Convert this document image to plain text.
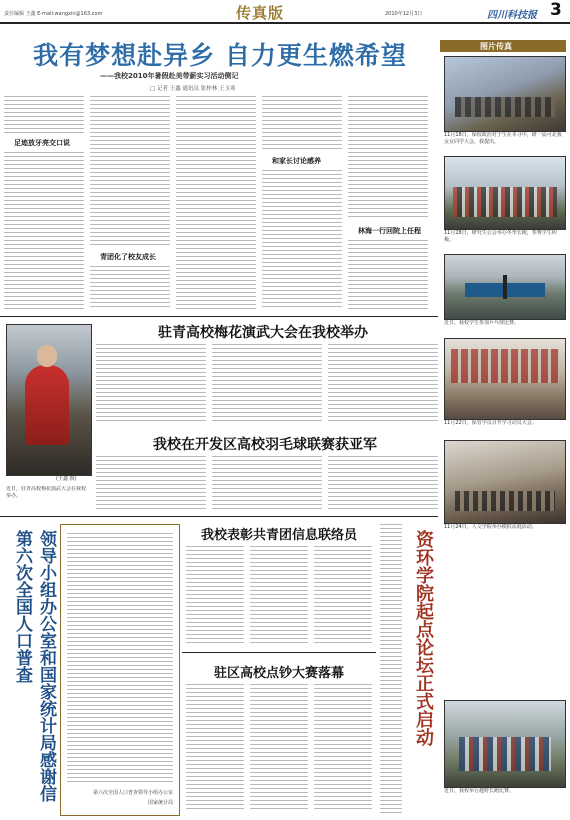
责任编辑 王鑫 E-mail:wangxin@163.com	传真版	2010年12月3日	四川科技报 3
我有梦想赴异乡 自力更生燃希望
——我校2010年暑假赴美带薪实习活动侧记
□ 记者 王鑫 通讯员 张梓林 王玉寒
足迹放牙亮交口说
青团化了校友成长
和家长讨论感养
林海一行回院上任程
图片传真
11月18日，保校政治对于生在本寻中，研一届可北我女女同学大会，我提出。
11月28日，研究生公会举办冬季长跑，参赛学生积极。
近日，我校学生参加乒乓球比赛。
11月22日，保管学员召开学习动员大会。
11月24日，人文学院举办模拟法庭活动。
驻青高校梅花演武大会在我校举办
(王鑫 摄)
近日，驻青高校梅花演武大会在我校举办。
我校在开发区高校羽毛球联赛获亚军
领导小组办公室和国家统计局感谢信 第六次全国人口普查
第六次全国人口普查领导小组办公室
国家统计局
我校表彰共青团信息联络员
驻区高校点钞大赛落幕	资环学院起点论坛正式启动
近日，我校举行越野长跑比赛。
